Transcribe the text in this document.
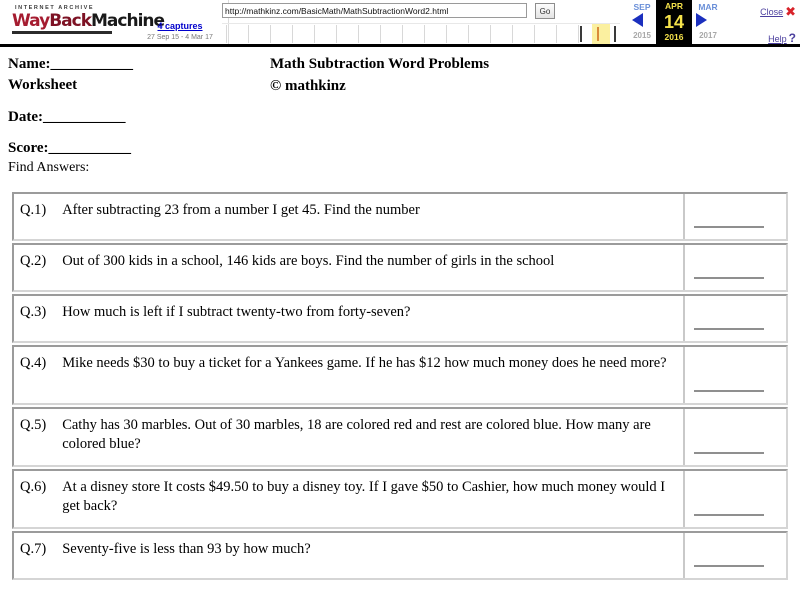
INTERNET ARCHIVE
WayBackMachine
4 captures
27 Sep 15 - 4 Mar 17
http://mathkinz.com/BasicMath/MathSubtractionWord2.html
Go	SEP
2015
APR
14
2016
MAR
2017
Close ✖
Help ?
Name:___________
Worksheet
Date:___________
Score:___________
Math Subtraction Word Problems
© mathkinz
Find Answers:
Q.1) After subtracting 23 from a number I get 45. Find the number
Q.2) Out of 300 kids in a school, 146 kids are boys. Find the number of girls in the school
Q.3) How much is left if I subtract twenty-two from forty-seven?
Q.4) Mike needs $30 to buy a ticket for a Yankees game. If he has $12 how much money does he need more?
Q.5) Cathy has 30 marbles. Out of 30 marbles, 18 are colored red and rest are colored blue. How many are colored blue?
Q.6) At a disney store It costs $49.50 to buy a disney toy. If I gave $50 to Cashier, how much money would I get back?
Q.7) Seventy-five is less than 93 by how much?
